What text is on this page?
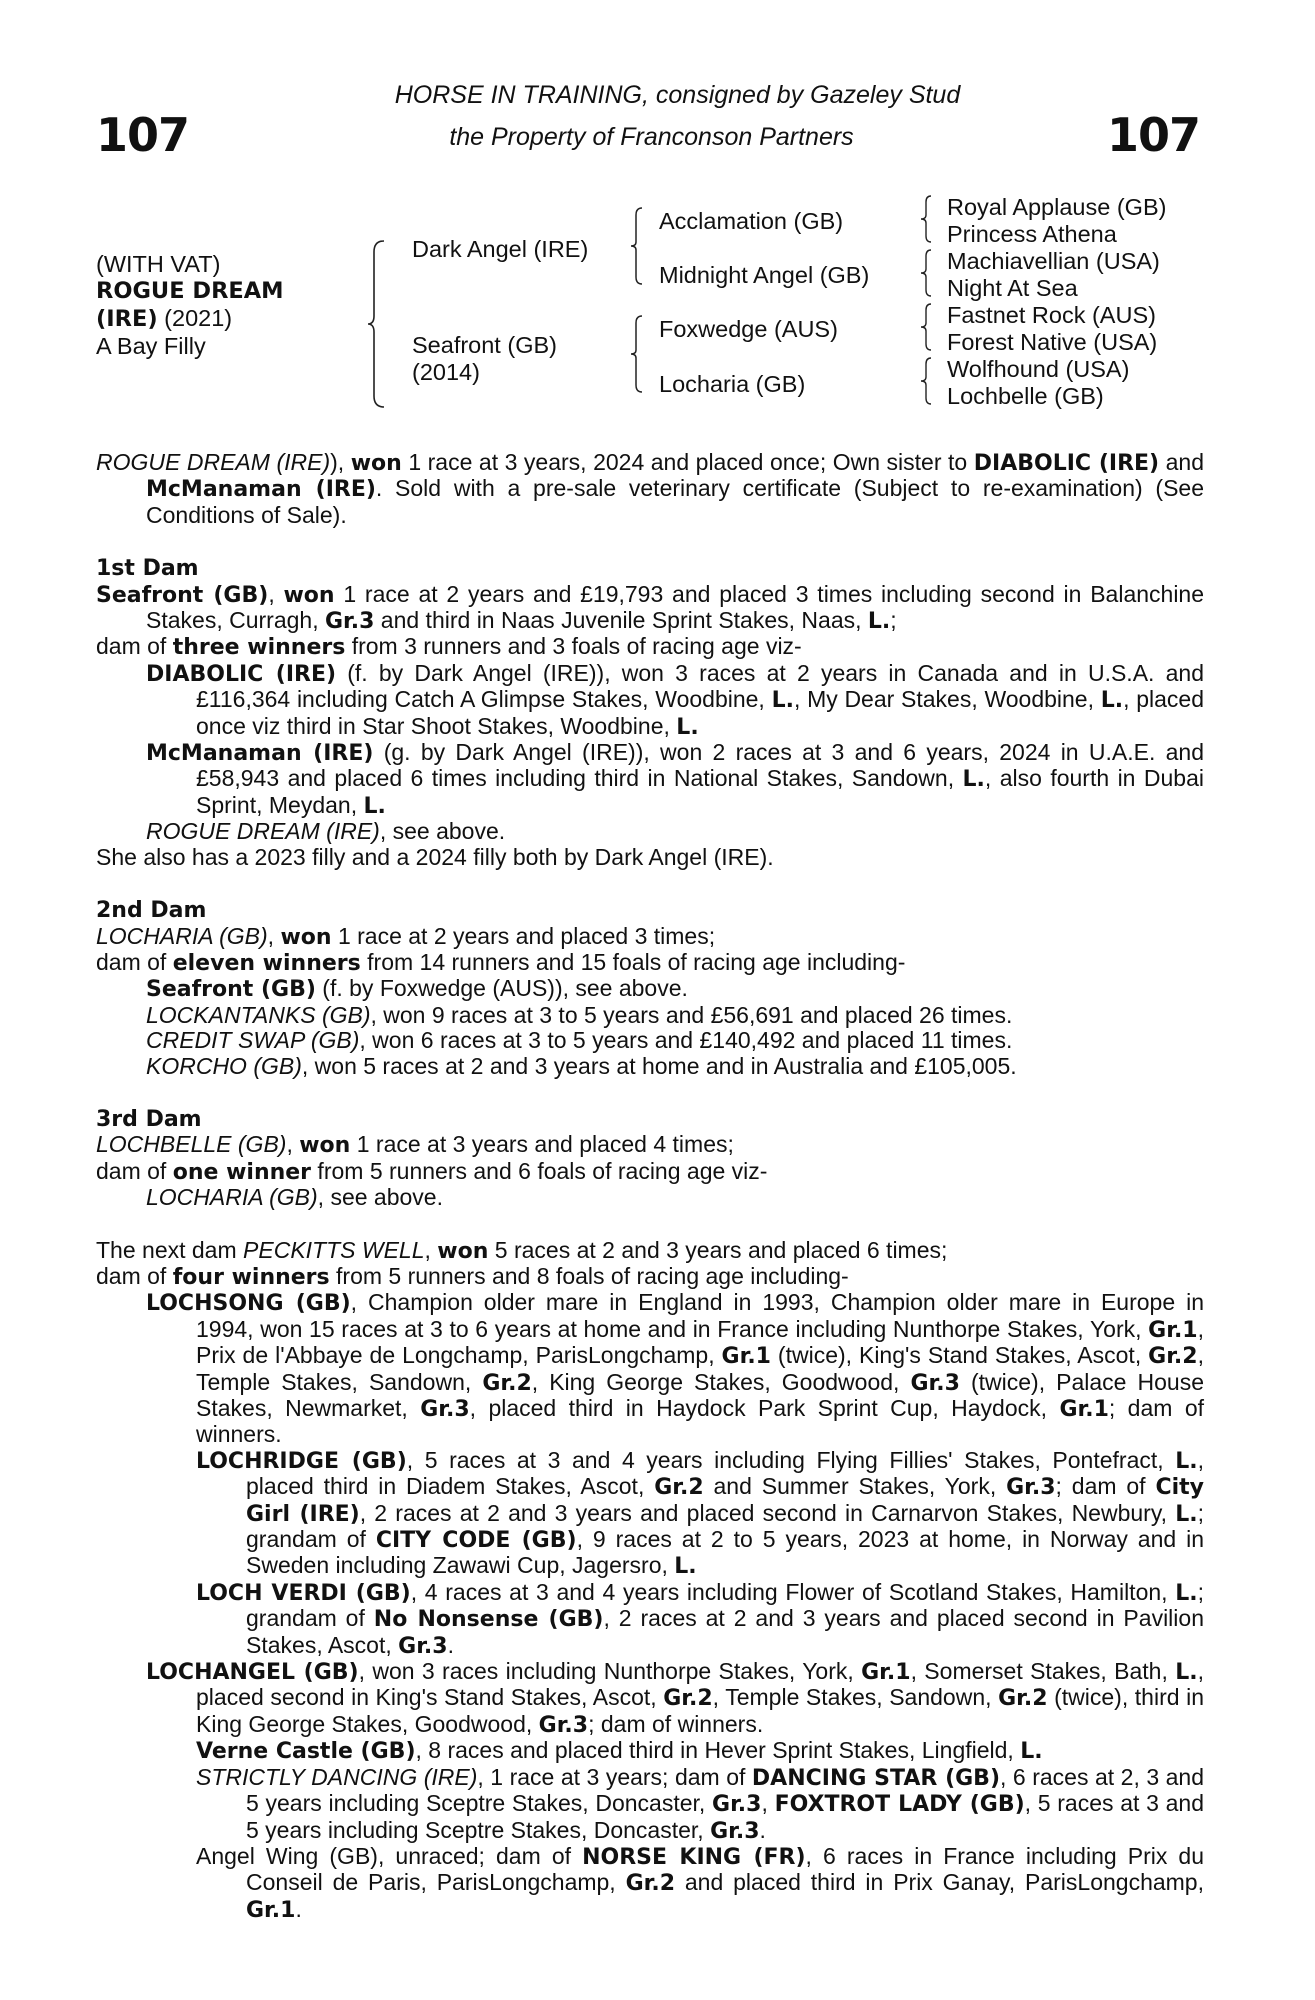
107	107
HORSE IN TRAINING, consigned by Gazeley Stud
the Property of Franconson Partners
(WITH VAT)
ROGUE DREAM
(IRE) (2021)
A Bay Filly
Dark Angel (IRE)
Seafront (GB)
(2014)
Acclamation (GB)
Midnight Angel (GB)
Foxwedge (AUS)
Locharia (GB)
Royal Applause (GB)
Princess Athena
Machiavellian (USA)
Night At Sea
Fastnet Rock (AUS)
Forest Native (USA)
Wolfhound (USA)
Lochbelle (GB)

ROGUE DREAM (IRE)), won 1 race at 3 years, 2024 and placed once; Own sister to DIABOLIC (IRE) and McManaman (IRE). Sold with a pre-sale veterinary certificate (Subject to re-examination) (See Conditions of Sale).

1st Dam

Seafront (GB), won 1 race at 2 years and £19,793 and placed 3 times including second in Balanchine Stakes, Curragh, Gr.3 and third in Naas Juvenile Sprint Stakes, Naas, L.;

dam of three winners from 3 runners and 3 foals of racing age viz-

DIABOLIC (IRE) (f. by Dark Angel (IRE)), won 3 races at 2 years in Canada and in U.S.A. and £116,364 including Catch A Glimpse Stakes, Woodbine, L., My Dear Stakes, Woodbine, L., placed once viz third in Star Shoot Stakes, Woodbine, L.

McManaman (IRE) (g. by Dark Angel (IRE)), won 2 races at 3 and 6 years, 2024 in U.A.E. and £58,943 and placed 6 times including third in National Stakes, Sandown, L., also fourth in Dubai Sprint, Meydan, L.

ROGUE DREAM (IRE), see above.

She also has a 2023 filly and a 2024 filly both by Dark Angel (IRE).

2nd Dam

LOCHARIA (GB), won 1 race at 2 years and placed 3 times;

dam of eleven winners from 14 runners and 15 foals of racing age including-

Seafront (GB) (f. by Foxwedge (AUS)), see above.

LOCKANTANKS (GB), won 9 races at 3 to 5 years and £56,691 and placed 26 times.

CREDIT SWAP (GB), won 6 races at 3 to 5 years and £140,492 and placed 11 times.

KORCHO (GB), won 5 races at 2 and 3 years at home and in Australia and £105,005.

3rd Dam

LOCHBELLE (GB), won 1 race at 3 years and placed 4 times;

dam of one winner from 5 runners and 6 foals of racing age viz-

LOCHARIA (GB), see above.

The next dam PECKITTS WELL, won 5 races at 2 and 3 years and placed 6 times;

dam of four winners from 5 runners and 8 foals of racing age including-

LOCHSONG (GB), Champion older mare in England in 1993, Champion older mare in Europe in 1994, won 15 races at 3 to 6 years at home and in France including Nunthorpe Stakes, York, Gr.1, Prix de l'Abbaye de Longchamp, ParisLongchamp, Gr.1 (twice), King's Stand Stakes, Ascot, Gr.2, Temple Stakes, Sandown, Gr.2, King George Stakes, Goodwood, Gr.3 (twice), Palace House Stakes, Newmarket, Gr.3, placed third in Haydock Park Sprint Cup, Haydock, Gr.1; dam of winners.

LOCHRIDGE (GB), 5 races at 3 and 4 years including Flying Fillies' Stakes, Pontefract, L., placed third in Diadem Stakes, Ascot, Gr.2 and Summer Stakes, York, Gr.3; dam of City Girl (IRE), 2 races at 2 and 3 years and placed second in Carnarvon Stakes, Newbury, L.; grandam of CITY CODE (GB), 9 races at 2 to 5 years, 2023 at home, in Norway and in Sweden including Zawawi Cup, Jagersro, L.

LOCH VERDI (GB), 4 races at 3 and 4 years including Flower of Scotland Stakes, Hamilton, L.; grandam of No Nonsense (GB), 2 races at 2 and 3 years and placed second in Pavilion Stakes, Ascot, Gr.3.

LOCHANGEL (GB), won 3 races including Nunthorpe Stakes, York, Gr.1, Somerset Stakes, Bath, L., placed second in King's Stand Stakes, Ascot, Gr.2, Temple Stakes, Sandown, Gr.2 (twice), third in King George Stakes, Goodwood, Gr.3; dam of winners.

Verne Castle (GB), 8 races and placed third in Hever Sprint Stakes, Lingfield, L.

STRICTLY DANCING (IRE), 1 race at 3 years; dam of DANCING STAR (GB), 6 races at 2, 3 and 5 years including Sceptre Stakes, Doncaster, Gr.3, FOXTROT LADY (GB), 5 races at 3 and 5 years including Sceptre Stakes, Doncaster, Gr.3.

Angel Wing (GB), unraced; dam of NORSE KING (FR), 6 races in France including Prix du Conseil de Paris, ParisLongchamp, Gr.2 and placed third in Prix Ganay, ParisLongchamp, Gr.1.
